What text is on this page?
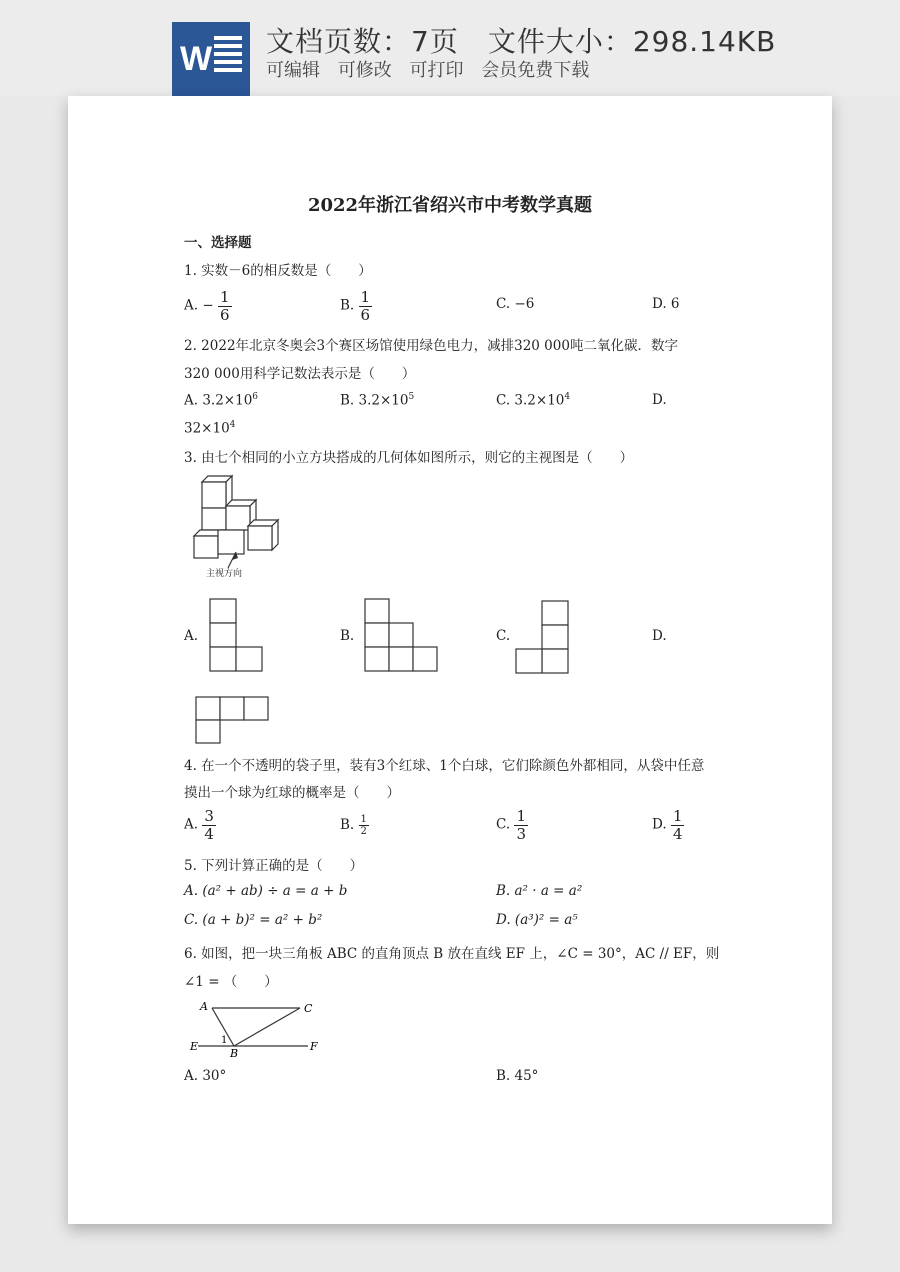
W 文档页数：7页　文件大小：298.14KB
可编辑 可修改 可打印 会员免费下载
2022年浙江省绍兴市中考数学真题
一、选择题
1. 实数－6的相反数是（　　）
A. − $\frac{1}{6}$	B. $\frac{1}{6}$	C. −6	D. 6
2. 2022年北京冬奥会3个赛区场馆使用绿色电力，减排320 000吨二氧化碳．数字
320 000用科学记数法表示是（　　）
A. $3.2\times 10^6$	B. $3.2\times 10^5$	C. $3.2\times 10^4$	D.
$32\times 10^4$
3. 由七个相同的小立方块搭成的几何体如图所示，则它的主视图是（　　）
主视方向
A.	B.	C.	D.
4. 在一个不透明的袋子里，装有3个红球、1个白球，它们除颜色外都相同，从袋中任意
摸出一个球为红球的概率是（　　）
A. $\frac{3}{4}$	B. $\frac{1}{2}$	C. $\frac{1}{3}$	D. $\frac{1}{4}$
5. 下列计算正确的是（　　）
A. (a² + ab) ÷ a = a + b	B. a² · a = a²
C. (a + b)² = a² + b²	D. (a³)² = a⁵
6. 如图，把一块三角板 ABC 的直角顶点 B 放在直线 EF 上，∠C = 30°，AC // EF，则
∠1 = （　　）
A	C
E
B
F
1
A. 30°	B. 45°
